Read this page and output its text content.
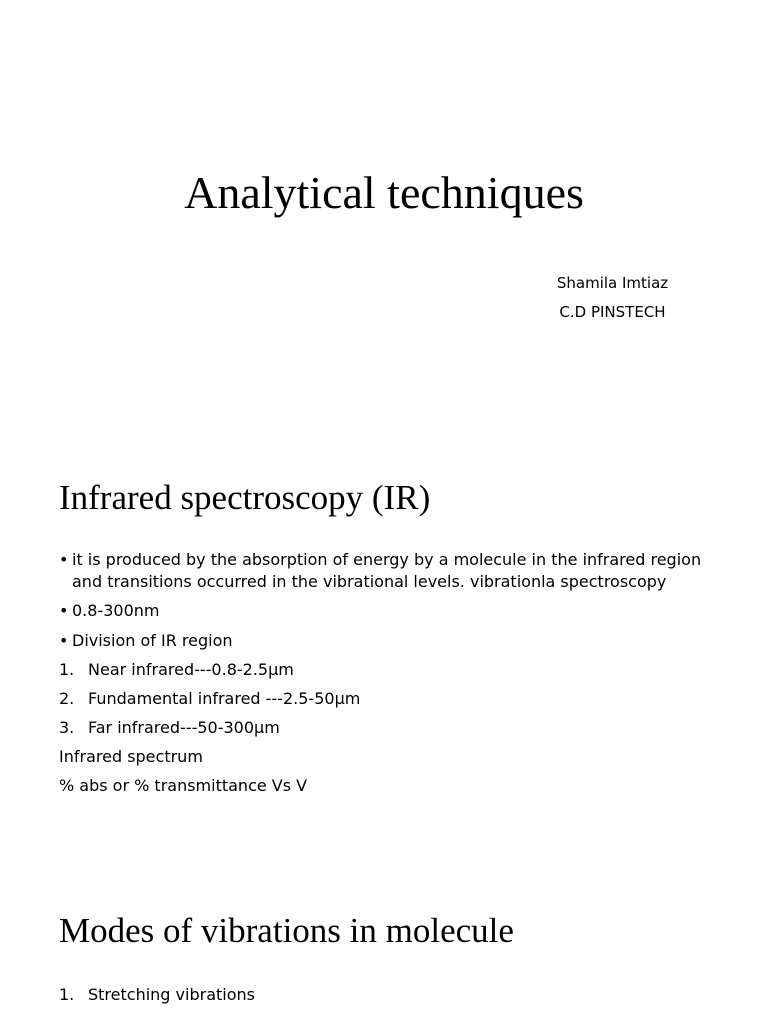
Analytical techniques
Shamila Imtiaz
C.D PINSTECH
Infrared spectroscopy (IR)
• it is produced by the absorption of energy by a molecule in the infrared region
and transitions occurred in the vibrational levels. vibrationla spectroscopy
• 0.8-300nm
• Division of IR region
1. Near infrared---0.8-2.5μm
2. Fundamental infrared ---2.5-50μm
3. Far infrared---50-300μm
Infrared spectrum
% abs or % transmittance Vs V
Modes of vibrations in molecule
1. Stretching vibrations
